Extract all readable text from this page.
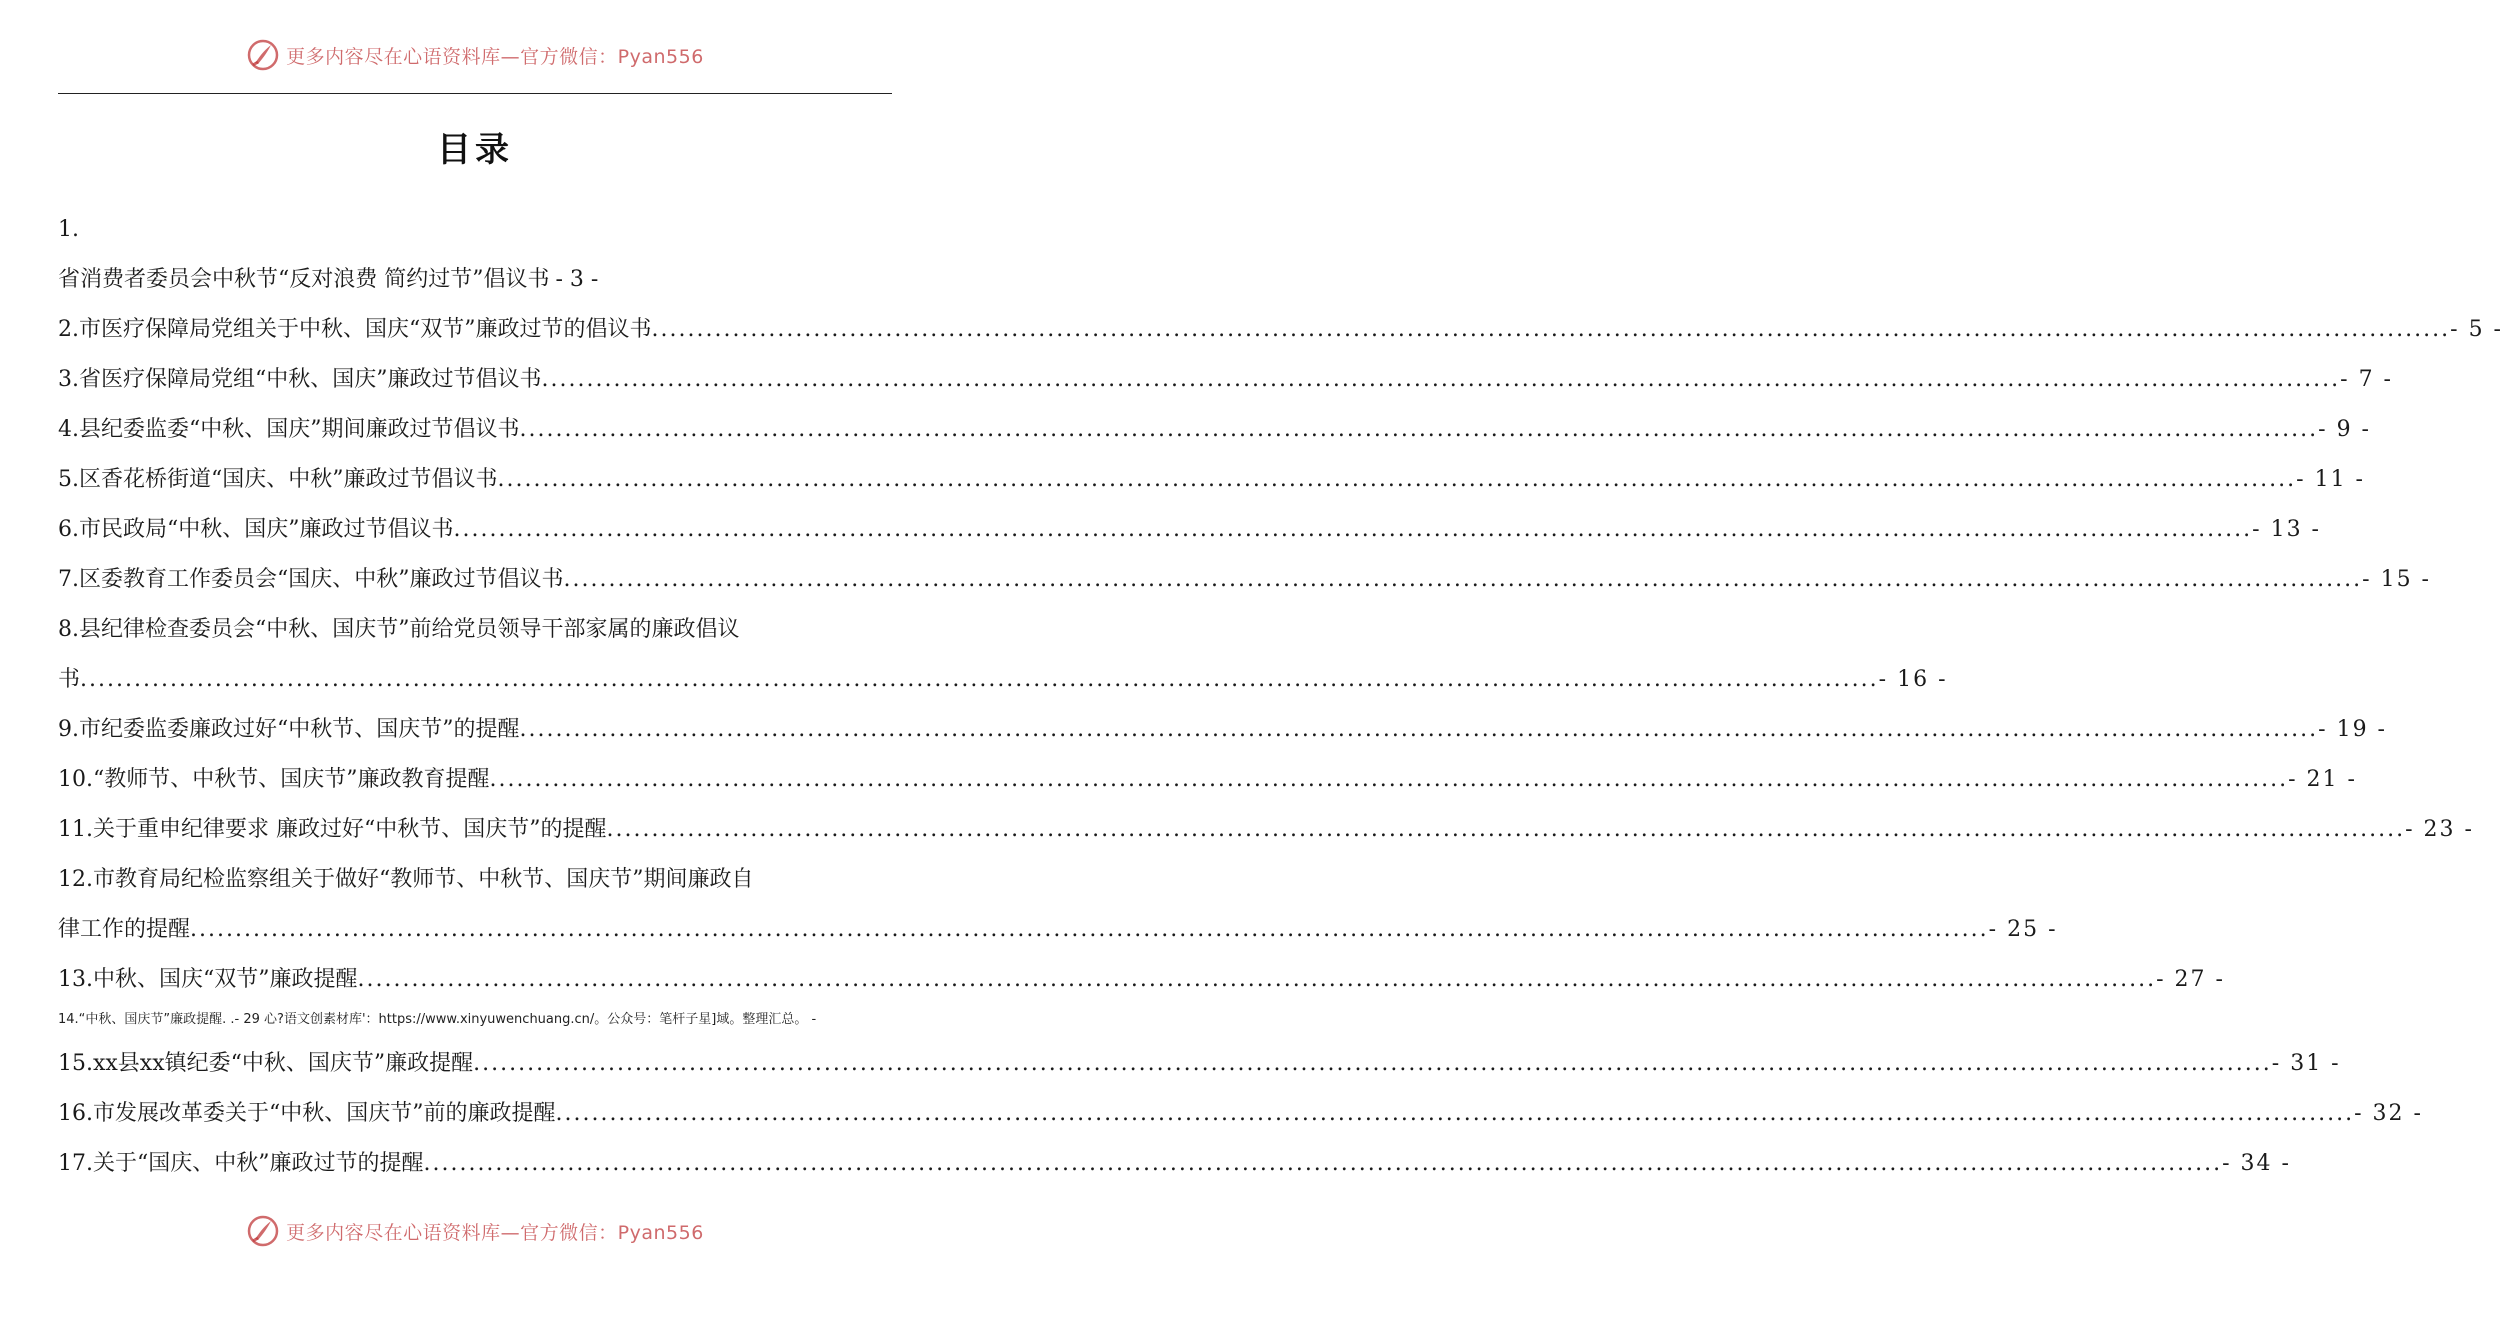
更多内容尽在心语资料库—官方微信：Pyan556
目录
1.
省消费者委员会中秋节“反对浪费 简约过节”倡议书 - 3 -
2.市医疗保障局党组关于中秋、国庆“双节”廉政过节的倡议书 ........................................................................................................................................................................................................ - 5 -
3.省医疗保障局党组“中秋、国庆”廉政过节倡议书 ........................................................................................................................................................................................................ - 7 -
4.县纪委监委“中秋、国庆”期间廉政过节倡议书 ........................................................................................................................................................................................................ - 9 -
5.区香花桥街道“国庆、中秋”廉政过节倡议书 ........................................................................................................................................................................................................ - 11 -
6.市民政局“中秋、国庆”廉政过节倡议书 ........................................................................................................................................................................................................ - 13 -
7.区委教育工作委员会“国庆、中秋”廉政过节倡议书 ........................................................................................................................................................................................................ - 15 -
8.县纪律检查委员会“中秋、国庆节”前给党员领导干部家属的廉政倡议
书 ........................................................................................................................................................................................................ - 16 -
9.市纪委监委廉政过好“中秋节、国庆节”的提醒 ........................................................................................................................................................................................................ - 19 -
10.“教师节、中秋节、国庆节”廉政教育提醒 ........................................................................................................................................................................................................ - 21 -
11.关于重申纪律要求 廉政过好“中秋节、国庆节”的提醒 ........................................................................................................................................................................................................ - 23 -
12.市教育局纪检监察组关于做好“教师节、中秋节、国庆节”期间廉政自
律工作的提醒 ........................................................................................................................................................................................................ - 25 -
13.中秋、国庆“双节”廉政提醒 ........................................................................................................................................................................................................ - 27 -
14.“中秋、国庆节”廉政提醒. .- 29 心?语文创素材库'：https://www.xinyuwenchuang.cn/。公众号：笔杆子星]域。整理汇总。 -
15.xx县xx镇纪委“中秋、国庆节”廉政提醒 ........................................................................................................................................................................................................ - 31 -
16.市发展改革委关于“中秋、国庆节”前的廉政提醒 ........................................................................................................................................................................................................ - 32 -
17.关于“国庆、中秋”廉政过节的提醒 ........................................................................................................................................................................................................ - 34 -
更多内容尽在心语资料库—官方微信：Pyan556
